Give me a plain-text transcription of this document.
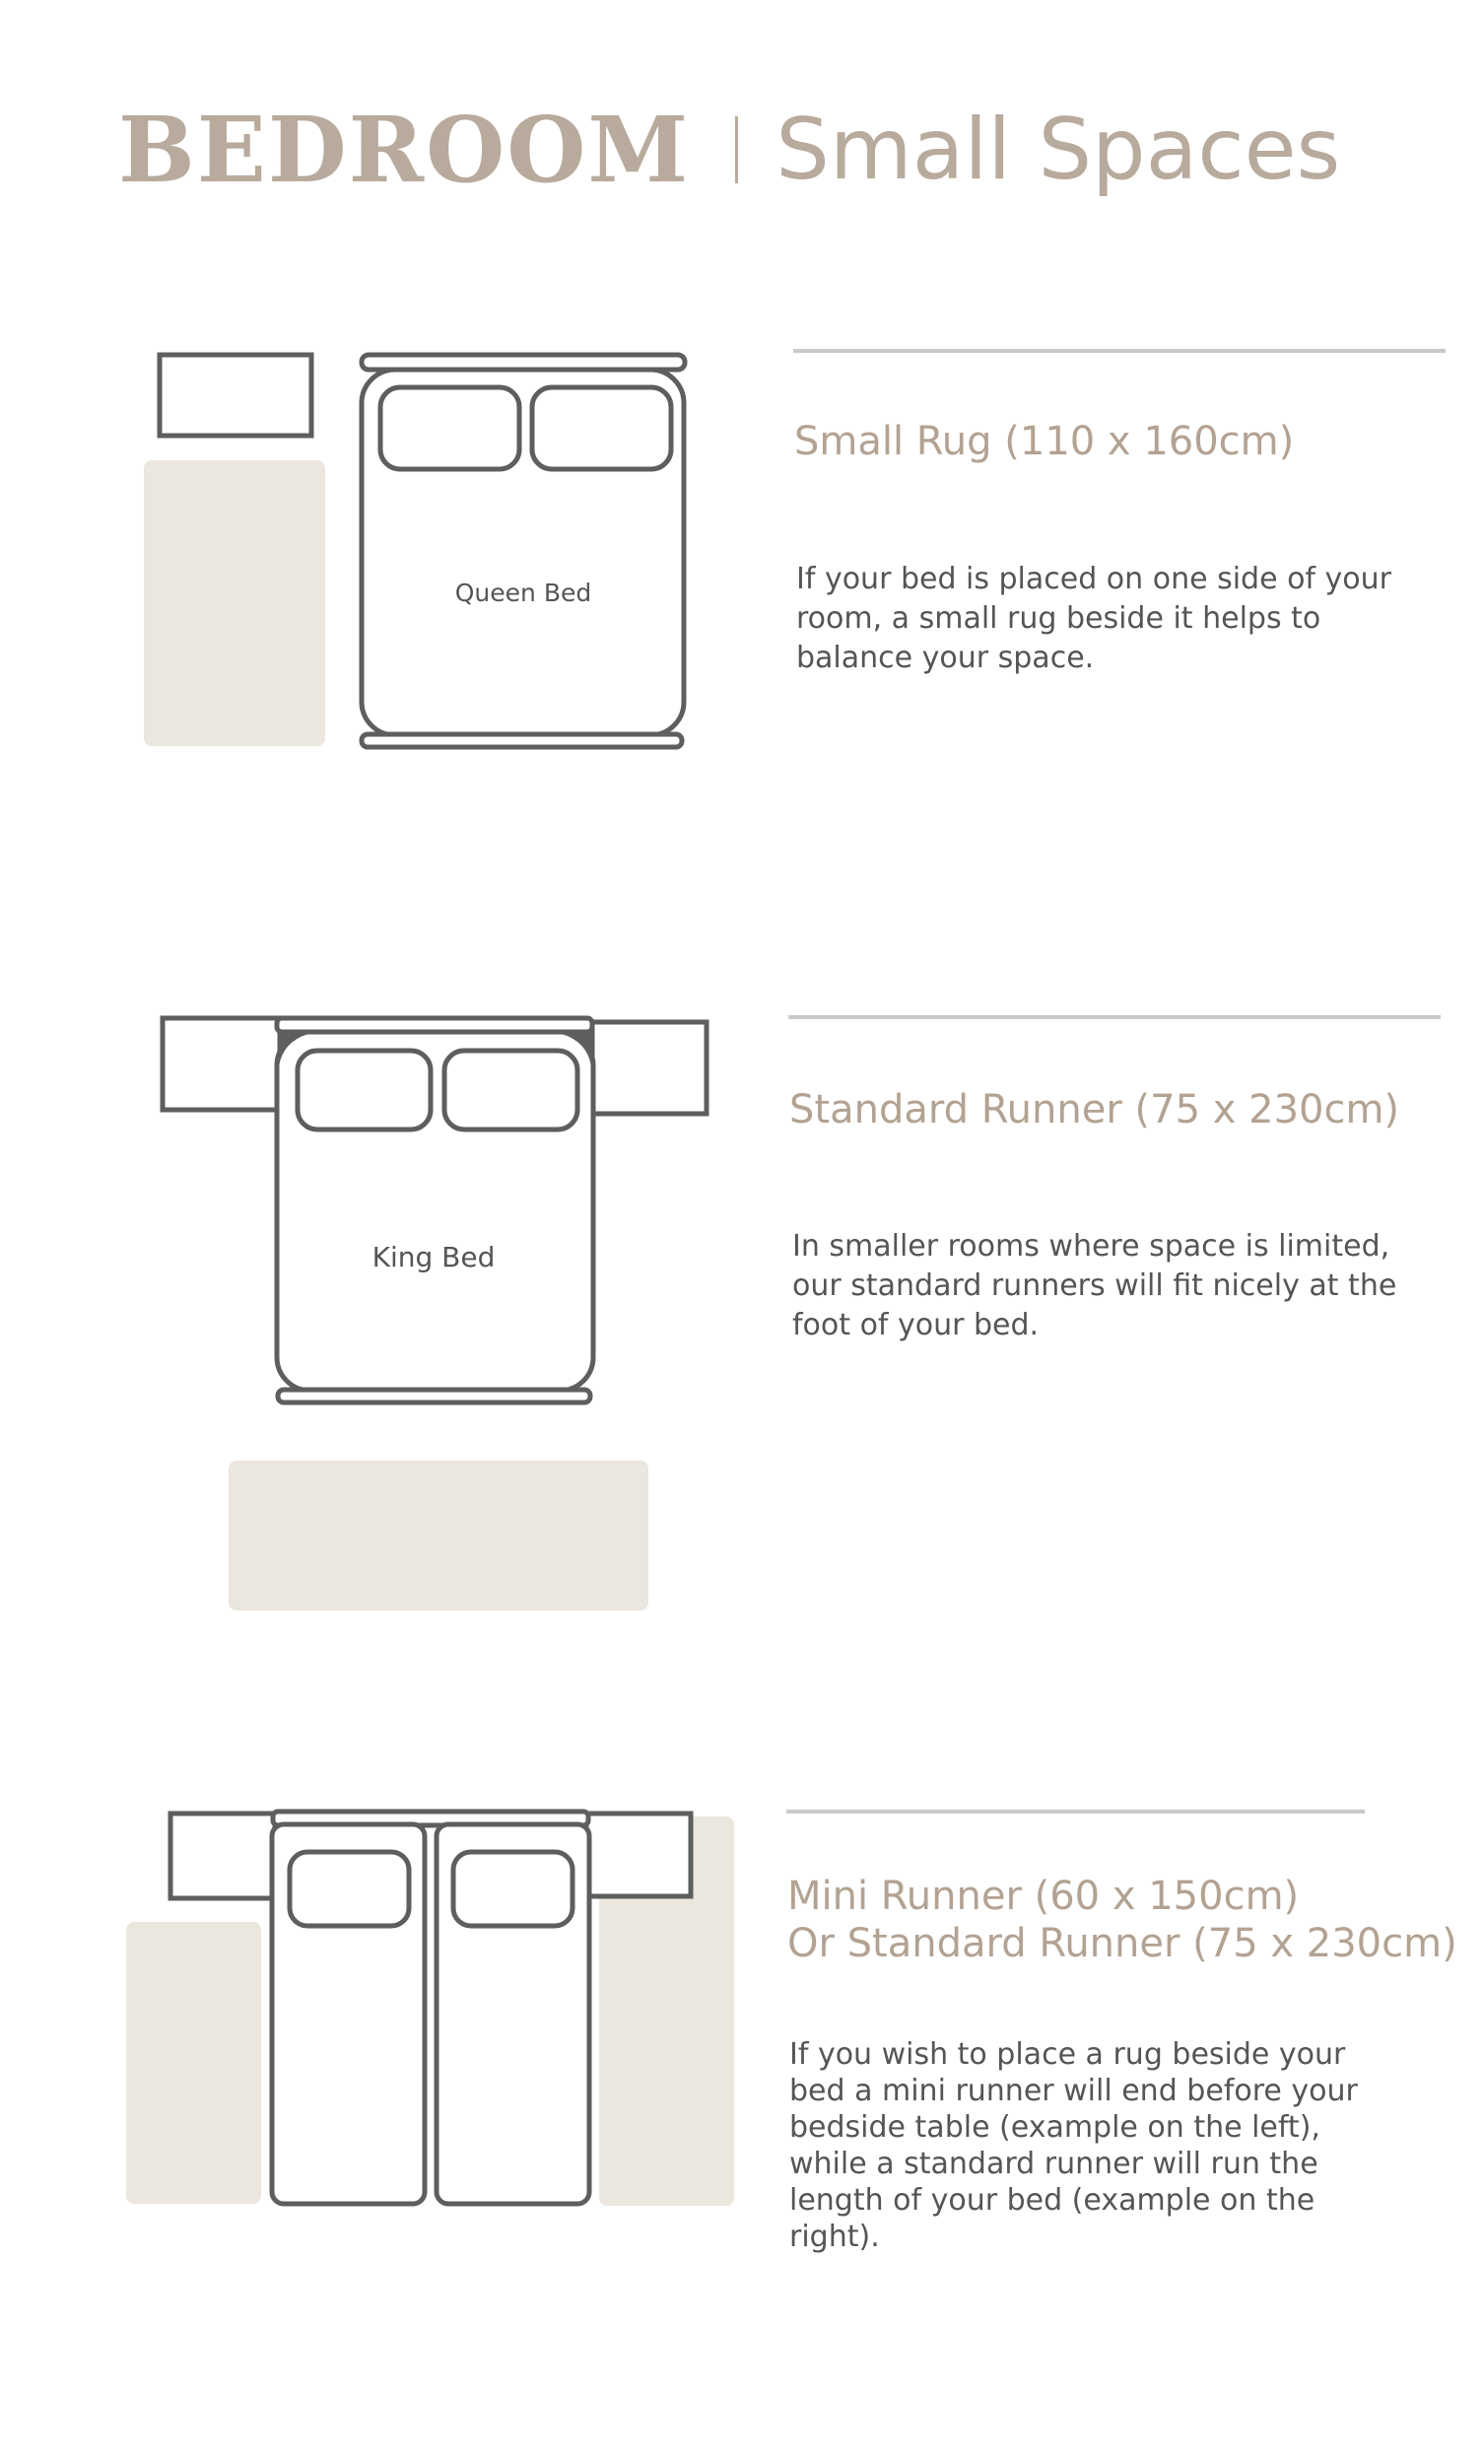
BEDROOM Small Spaces
Queen Bed
King Bed
Small Rug (110 x 160cm)
If your bed is placed on one side of your room, a small rug beside it helps to balance your space.
Standard Runner (75 x 230cm)
In smaller rooms where space is limited, our standard runners will fit nicely at the foot of your bed.
Mini Runner (60 x 150cm)
Or Standard Runner (75 x 230cm)
If you wish to place a rug beside your bed a mini runner will end before your bedside table (example on the left), while a standard runner will run the length of your bed (example on the right).
